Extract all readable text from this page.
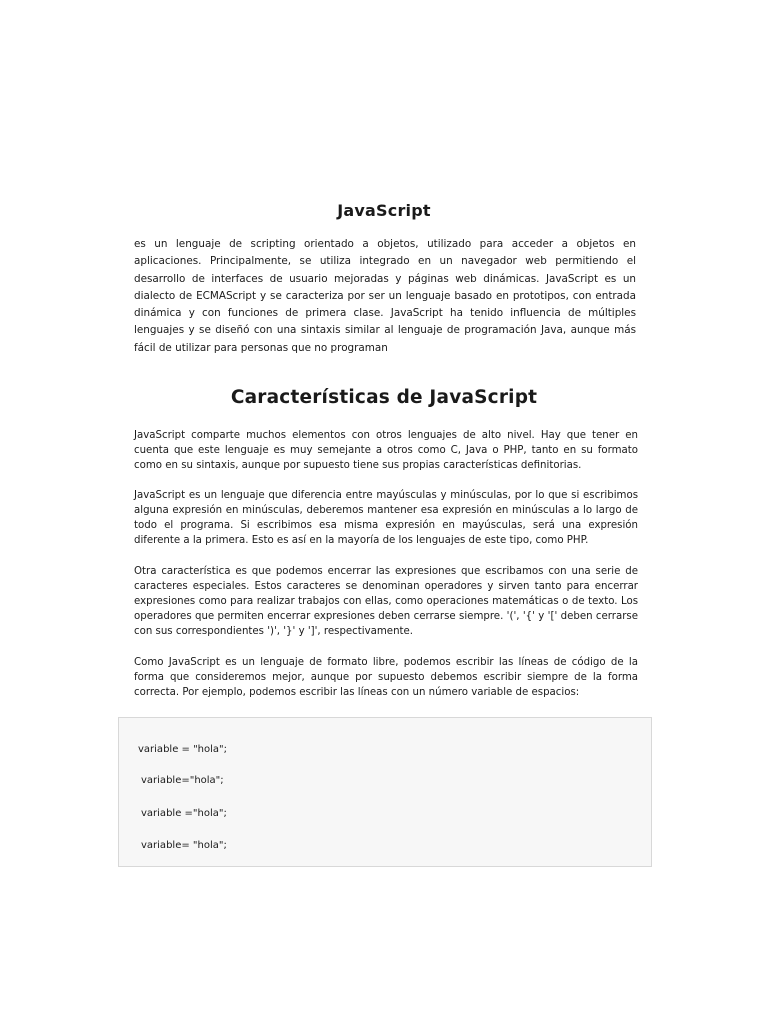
JavaScript
es un lenguaje de scripting orientado a objetos, utilizado para acceder a objetos en aplicaciones. Principalmente, se utiliza integrado en un navegador web permitiendo el desarrollo de interfaces de usuario mejoradas y páginas web dinámicas. JavaScript es un dialecto de ECMAScript y se caracteriza por ser un lenguaje basado en prototipos, con entrada dinámica y con funciones de primera clase. JavaScript ha tenido influencia de múltiples lenguajes y se diseñó con una sintaxis similar al lenguaje de programación Java, aunque más fácil de utilizar para personas que no programan
Características de JavaScript

JavaScript comparte muchos elementos con otros lenguajes de alto nivel. Hay que tener en cuenta que este lenguaje es muy semejante a otros como C, Java o PHP, tanto en su formato como en su sintaxis, aunque por supuesto tiene sus propias características definitorias.

JavaScript es un lenguaje que diferencia entre mayúsculas y minúsculas, por lo que si escribimos alguna expresión en minúsculas, deberemos mantener esa expresión en minúsculas a lo largo de todo el programa. Si escribimos esa misma expresión en mayúsculas, será una expresión diferente a la primera. Esto es así en la mayoría de los lenguajes de este tipo, como PHP.

Otra característica es que podemos encerrar las expresiones que escribamos con una serie de caracteres especiales. Estos caracteres se denominan operadores y sirven tanto para encerrar expresiones como para realizar trabajos con ellas, como operaciones matemáticas o de texto. Los operadores que permiten encerrar expresiones deben cerrarse siempre. '(', '{' y '[' deben cerrarse con sus correspondientes ')', '}' y ']', respectivamente.

Como JavaScript es un lenguaje de formato libre, podemos escribir las líneas de código de la forma que consideremos mejor, aunque por supuesto debemos escribir siempre de la forma correcta. Por ejemplo, podemos escribir las líneas con un número variable de espacios:

variable = "hola";
variable="hola";
variable ="hola";
variable= "hola";
